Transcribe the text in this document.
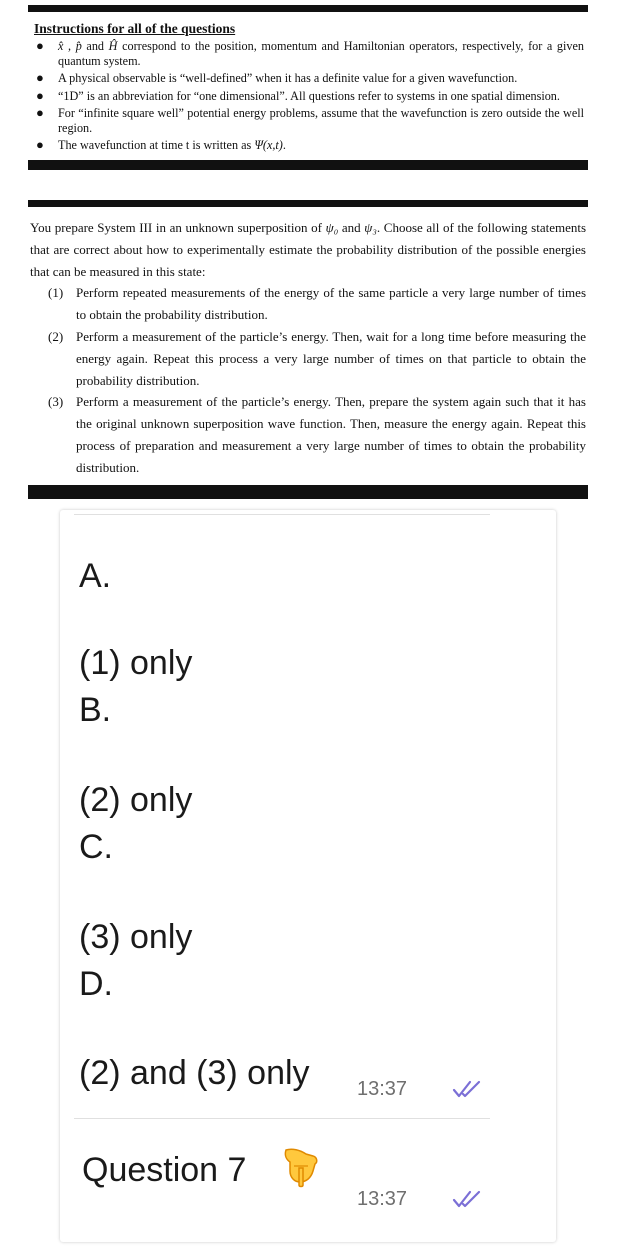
Instructions for all of the questions
● x̂ , p̂ and Ĥ correspond to the position, momentum and Hamiltonian operators, respectively, for a given quantum system.
● A physical observable is “well-defined” when it has a definite value for a given wavefunction.
● “1D” is an abbreviation for “one dimensional”. All questions refer to systems in one spatial dimension.
● For “infinite square well” potential energy problems, assume that the wavefunction is zero outside the well region.
● The wavefunction at time t is written as Ψ(x,t).

You prepare System III in an unknown superposition of ψ₀ and ψ₃. Choose all of the following statements that are correct about how to experimentally estimate the probability distribution of the possible energies that can be measured in this state:

(1) Perform repeated measurements of the energy of the same particle a very large number of times to obtain the probability distribution.
(2) Perform a measurement of the particle’s energy. Then, wait for a long time before measuring the energy again. Repeat this process a very large number of times on that particle to obtain the probability distribution.
(3) Perform a measurement of the particle’s energy. Then, prepare the system again such that it has the original unknown superposition wave function. Then, measure the energy again. Repeat this process of preparation and measurement a very large number of times to obtain the probability distribution.
A.
(1) only
B.
(2) only
C.
(3) only
D.
(2) and (3) only 13:37
Question 7
13:37
